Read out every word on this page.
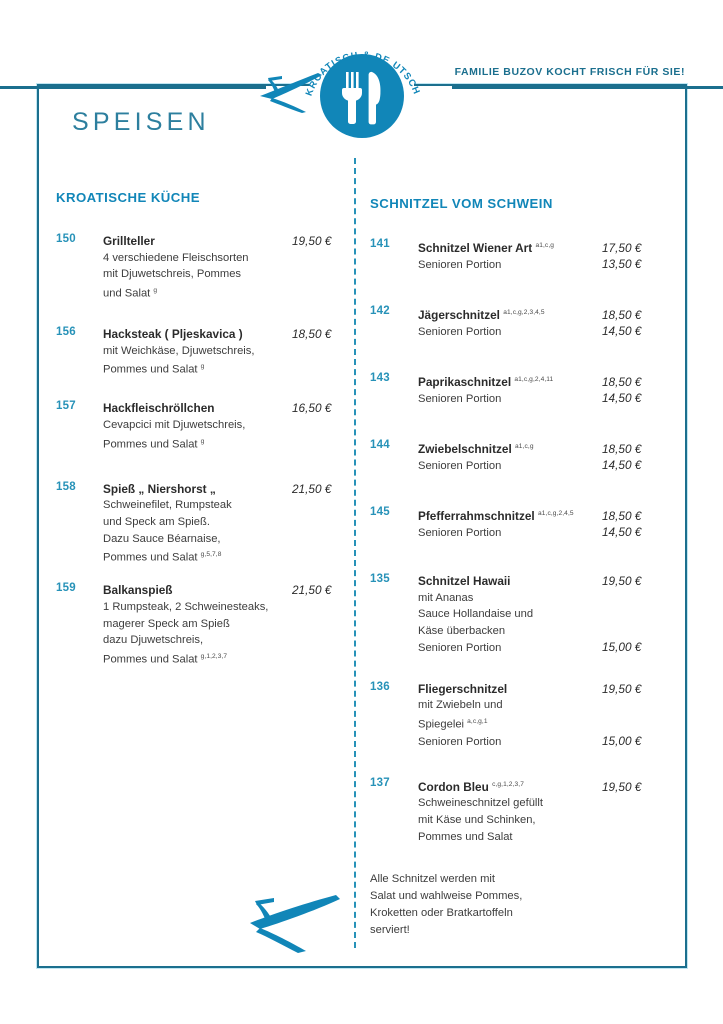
FAMILIE BUZOV KOCHT FRISCH FÜR SIE!
KROATISCH & DE UTSCH
SPEISEN
KROATISCHE KÜCHE
150	Grillteller	19,50 €
4 verschiedene Fleischsorten
mit Djuwetschreis, Pommes
und Salat $^g$
156	Hacksteak ( Pljeskavica )	18,50 €
mit Weichkäse, Djuwetschreis,
Pommes und Salat $^g$
157	Hackfleischröllchen	16,50 €
Cevapcici mit Djuwetschreis,
Pommes und Salat $^g$
158	Spieß „ Niershorst „	21,50 €
Schweinefilet, Rumpsteak
und Speck am Spieß.
Dazu Sauce Béarnaise,
Pommes und Salat $^{g,5,7,8}$
159	Balkanspieß	21,50 €
1 Rumpsteak, 2 Schweinesteaks,
magerer Speck am Spieß
dazu Djuwetschreis,
Pommes und Salat $^{g,1,2,3,7}$
SCHNITZEL VOM SCHWEIN
141	Schnitzel Wiener Art $^{a1,c,g}$	17,50 €
Senioren Portion	13,50 €
142	Jägerschnitzel $^{a1,c,g,2,3,4,5}$	18,50 €
Senioren Portion	14,50 €
143	Paprikaschnitzel $^{a1,c,g,2,4,11}$	18,50 €
Senioren Portion	14,50 €
144	Zwiebelschnitzel $^{a1,c,g}$	18,50 €
Senioren Portion	14,50 €
145	Pfefferrahmschnitzel $^{a1,c,g,2,4,5}$	18,50 €
Senioren Portion	14,50 €
135	Schnitzel Hawaii	19,50 €
mit Ananas
Sauce Hollandaise und
Käse überbacken
Senioren Portion	15,00 €
136	Fliegerschnitzel	19,50 €
mit Zwiebeln und
Spiegelei $^{a,c,g,1}$
Senioren Portion	15,00 €
137	Cordon Bleu $^{c,g,1,2,3,7}$	19,50 €
Schweineschnitzel gefüllt
mit Käse und Schinken,
Pommes und Salat
Alle Schnitzel werden mit
Salat und wahlweise Pommes,
Kroketten oder Bratkartoffeln
serviert!
